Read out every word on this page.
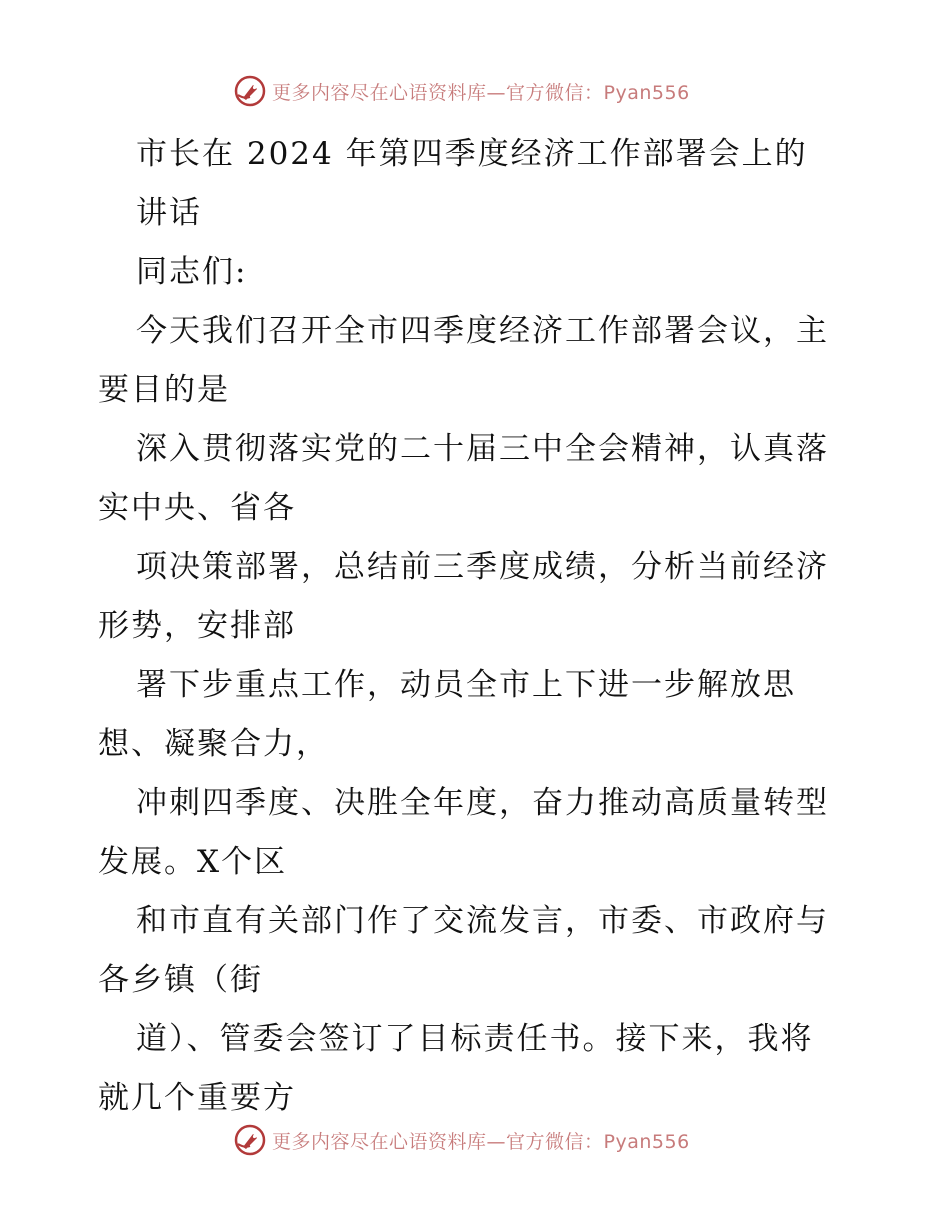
更多内容尽在心语资料库—官方微信：Pyan556
市长在 2024 年第四季度经济工作部署会上的
讲话
同志们:
今天我们召开全市四季度经济工作部署会议，主
要目的是
深入贯彻落实党的二十届三中全会精神，认真落
实中央、省各
项决策部署，总结前三季度成绩，分析当前经济
形势，安排部
署下步重点工作，动员全市上下进一步解放思
想、凝聚合力，
冲刺四季度、决胜全年度，奋力推动高质量转型
发展。X个区
和市直有关部门作了交流发言，市委、市政府与
各乡镇（街
道）、管委会签订了目标责任书。接下来，我将
就几个重要方
更多内容尽在心语资料库—官方微信：Pyan556
